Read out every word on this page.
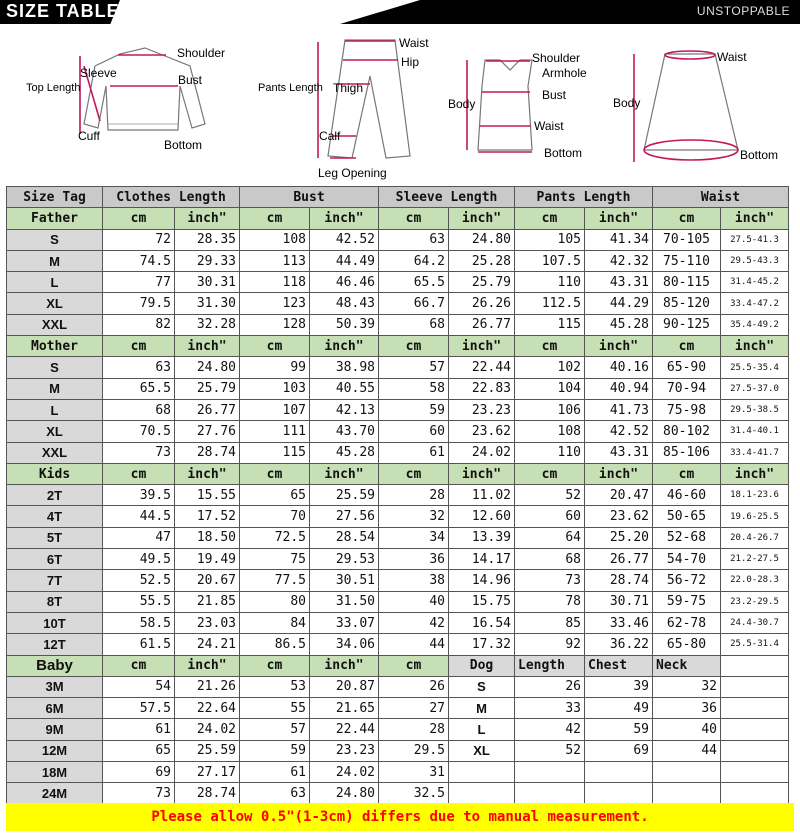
SIZE TABLE	UNSTOPPABLE
Shoulder
Sleeve	Bust
Top Length
Cuff
Bottom
Waist
Hip
Pants Length Thigh
Calf
Leg Opening
Shoulder
Armhole
Bust
Body
Waist
Bottom
Waist
Body
Bottom
Size Tag	Clothes Length		Bust		Sleeve Length		Pants Length		Waist	
Father	cm	inch"	cm	inch"	cm	inch"	cm	inch"	cm	inch"
S	72	28.35	108	42.52	63	24.80	105	41.34	70-105	27.5-41.3
M	74.5	29.33	113	44.49	64.2	25.28	107.5	42.32	75-110	29.5-43.3
L	77	30.31	118	46.46	65.5	25.79	110	43.31	80-115	31.4-45.2
XL	79.5	31.30	123	48.43	66.7	26.26	112.5	44.29	85-120	33.4-47.2
XXL	82	32.28	128	50.39	68	26.77	115	45.28	90-125	35.4-49.2
Mother	cm	inch"	cm	inch"	cm	inch"	cm	inch"	cm	inch"
S	63	24.80	99	38.98	57	22.44	102	40.16	65-90	25.5-35.4
M	65.5	25.79	103	40.55	58	22.83	104	40.94	70-94	27.5-37.0
L	68	26.77	107	42.13	59	23.23	106	41.73	75-98	29.5-38.5
XL	70.5	27.76	111	43.70	60	23.62	108	42.52	80-102	31.4-40.1
XXL	73	28.74	115	45.28	61	24.02	110	43.31	85-106	33.4-41.7
Kids	cm	inch"	cm	inch"	cm	inch"	cm	inch"	cm	inch"
2T	39.5	15.55	65	25.59	28	11.02	52	20.47	46-60	18.1-23.6
4T	44.5	17.52	70	27.56	32	12.60	60	23.62	50-65	19.6-25.5
5T	47	18.50	72.5	28.54	34	13.39	64	25.20	52-68	20.4-26.7
6T	49.5	19.49	75	29.53	36	14.17	68	26.77	54-70	21.2-27.5
7T	52.5	20.67	77.5	30.51	38	14.96	73	28.74	56-72	22.0-28.3
8T	55.5	21.85	80	31.50	40	15.75	78	30.71	59-75	23.2-29.5
10T	58.5	23.03	84	33.07	42	16.54	85	33.46	62-78	24.4-30.7
12T	61.5	24.21	86.5	34.06	44	17.32	92	36.22	65-80	25.5-31.4
Baby	cm	inch"	cm	inch"	cm	Dog	Length	Chest	Neck	
3M	54	21.26	53	20.87	26	S	26	39	32	
6M	57.5	22.64	55	21.65	27	M	33	49	36	
9M	61	24.02	57	22.44	28	L	42	59	40	
12M	65	25.59	59	23.23	29.5	XL	52	69	44	
18M	69	27.17	61	24.02	31					
24M	73	28.74	63	24.80	32.5					
Please allow 0.5"(1-3cm) differs due to manual measurement.
